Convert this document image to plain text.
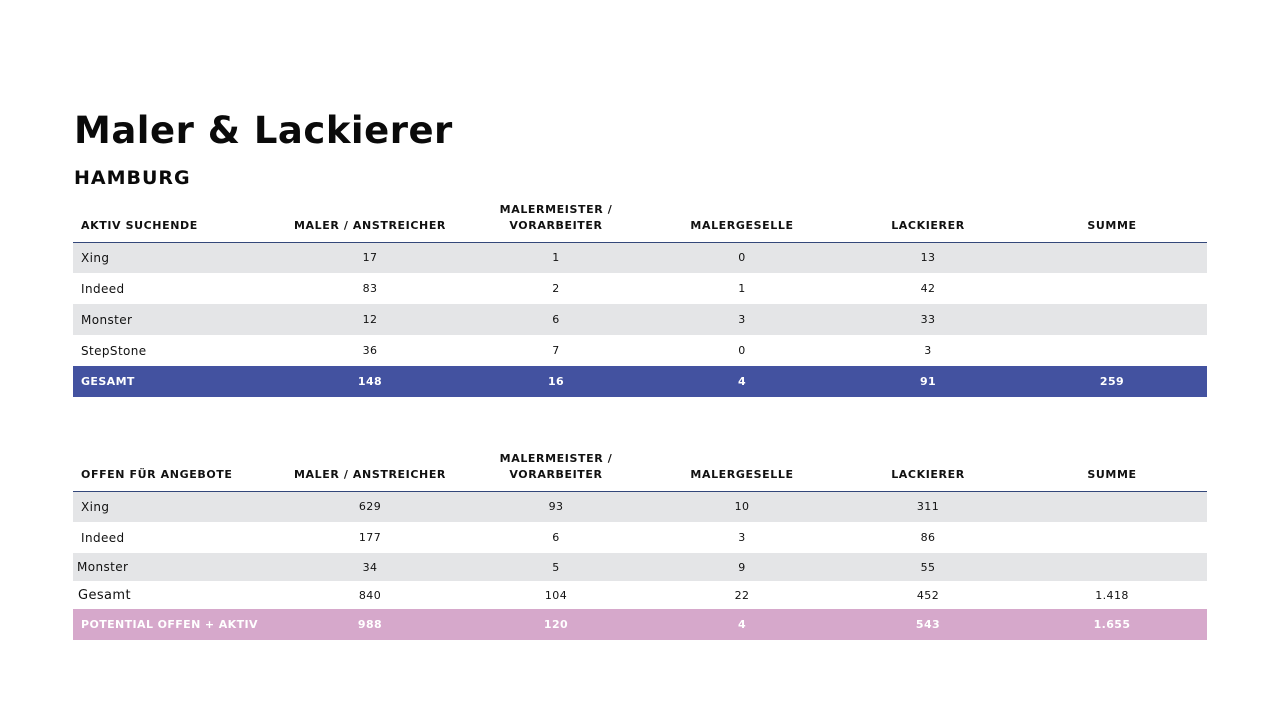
Maler & Lackierer
HAMBURG
AKTIV SUCHENDE	MALER / ANSTREICHER	MALERMEISTER / VORARBEITER	MALERGESELLE	LACKIERER	SUMME
Xing	17	1	0	13	
Indeed	83	2	1	42	
Monster	12	6	3	33	
StepStone	36	7	0	3	
GESAMT	148	16	4	91	259
OFFEN FÜR ANGEBOTE	MALER / ANSTREICHER	MALERMEISTER / VORARBEITER	MALERGESELLE	LACKIERER	SUMME
Xing	629	93	10	311	
Indeed	177	6	3	86	
Monster	34	5	9	55	
Gesamt	840	104	22	452	1.418
POTENTIAL OFFEN + AKTIV	988	120	4	543	1.655
